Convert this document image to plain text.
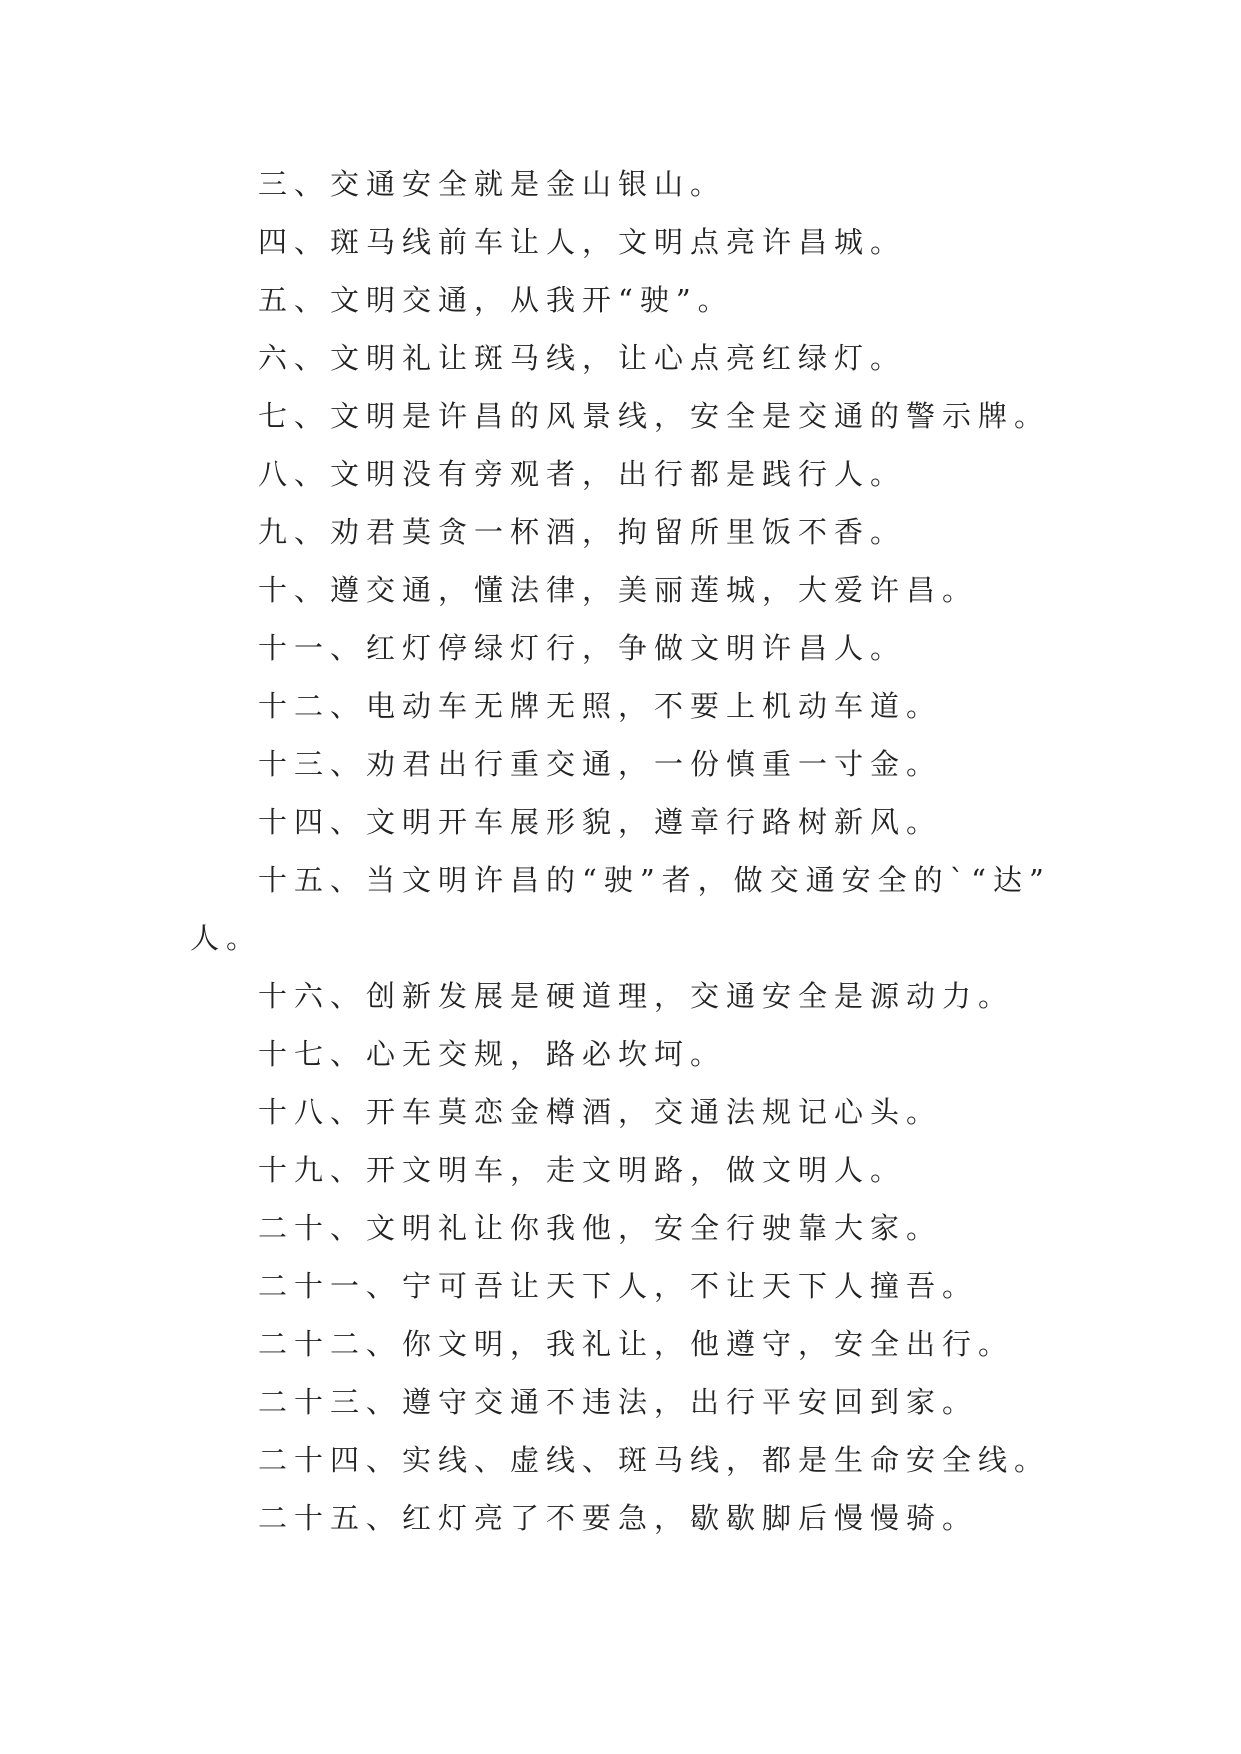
三、交通安全就是金山银山。
四、斑马线前车让人，文明点亮许昌城。
五、文明交通，从我开“驶”。
六、文明礼让斑马线，让心点亮红绿灯。
七、文明是许昌的风景线，安全是交通的警示牌。
八、文明没有旁观者，出行都是践行人。
九、劝君莫贪一杯酒，拘留所里饭不香。
十、遵交通，懂法律，美丽莲城，大爱许昌。
十一、红灯停绿灯行，争做文明许昌人。
十二、电动车无牌无照，不要上机动车道。
十三、劝君出行重交通，一份慎重一寸金。
十四、文明开车展形貌，遵章行路树新风。
十五、当文明许昌的“驶”者，做交通安全的`“达”
人。
十六、创新发展是硬道理，交通安全是源动力。
十七、心无交规，路必坎坷。
十八、开车莫恋金樽酒，交通法规记心头。
十九、开文明车，走文明路，做文明人。
二十、文明礼让你我他，安全行驶靠大家。
二十一、宁可吾让天下人，不让天下人撞吾。
二十二、你文明，我礼让，他遵守，安全出行。
二十三、遵守交通不违法，出行平安回到家。
二十四、实线、虚线、斑马线，都是生命安全线。
二十五、红灯亮了不要急，歇歇脚后慢慢骑。
